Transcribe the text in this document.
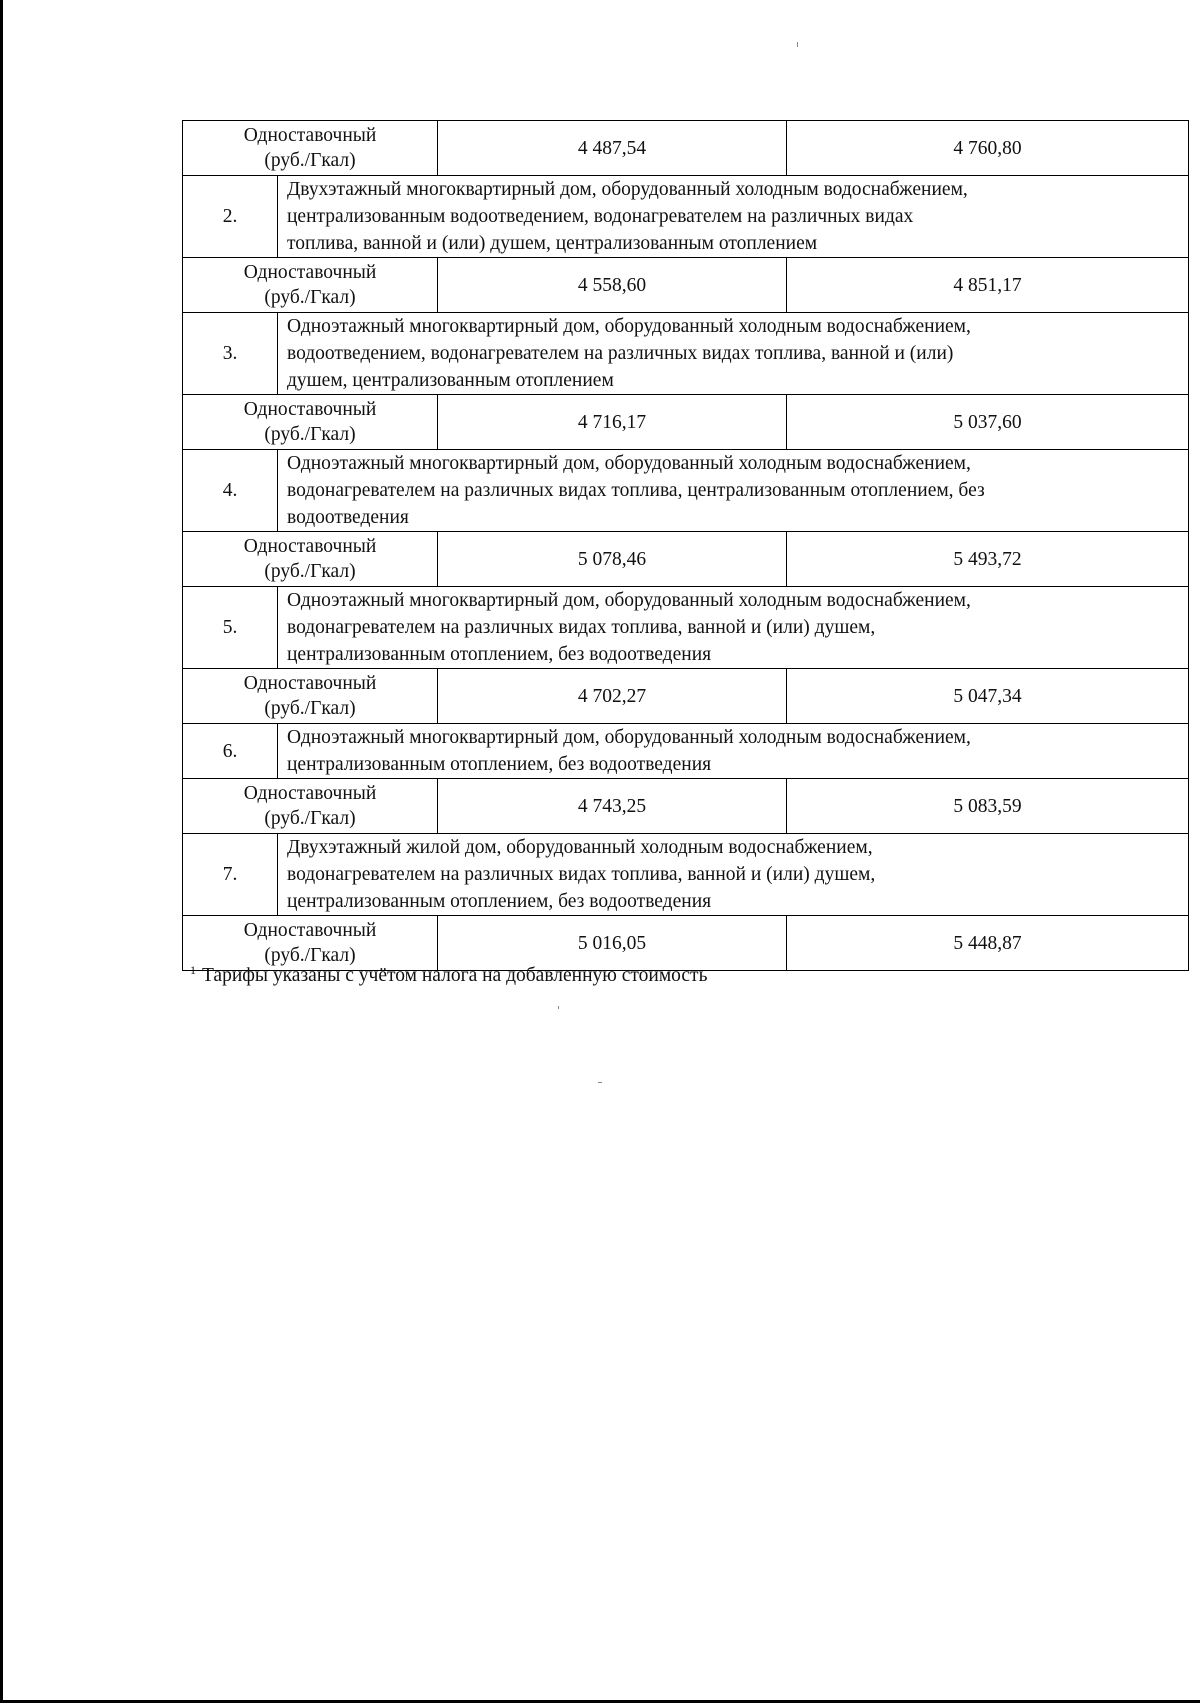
Одноставочный
(руб./Гкал)		4 487,54	4 760,80
2.	Двухэтажный многоквартирный дом, оборудованный холодным водоснабжением,
централизованным водоотведением, водонагревателем на различных видах
топлива, ванной и (или) душем, централизованным отоплением		

Одноставочный
(руб./Гкал)		4 558,60	4 851,17
3.	Одноэтажный многоквартирный дом, оборудованный холодным водоснабжением,
водоотведением, водонагревателем на различных видах топлива, ванной и (или)
душем, централизованным отоплением		

Одноставочный
(руб./Гкал)		4 716,17	5 037,60
4.	Одноэтажный многоквартирный дом, оборудованный холодным водоснабжением,
водонагревателем на различных видах топлива, централизованным отоплением, без
водоотведения		

Одноставочный
(руб./Гкал)		5 078,46	5 493,72
5.	Одноэтажный многоквартирный дом, оборудованный холодным водоснабжением,
водонагревателем на различных видах топлива, ванной и (или) душем,
централизованным отоплением, без водоотведения		

Одноставочный
(руб./Гкал)		4 702,27	5 047,34
6.	Одноэтажный многоквартирный дом, оборудованный холодным водоснабжением,
централизованным отоплением, без водоотведения		

Одноставочный
(руб./Гкал)		4 743,25	5 083,59
7.	Двухэтажный жилой дом, оборудованный холодным водоснабжением,
водонагревателем на различных видах топлива, ванной и (или) душем,
централизованным отоплением, без водоотведения		

Одноставочный
(руб./Гкал)		5 016,05	5 448,87
$^1$ Тарифы указаны с учётом налога на добавленную стоимость
